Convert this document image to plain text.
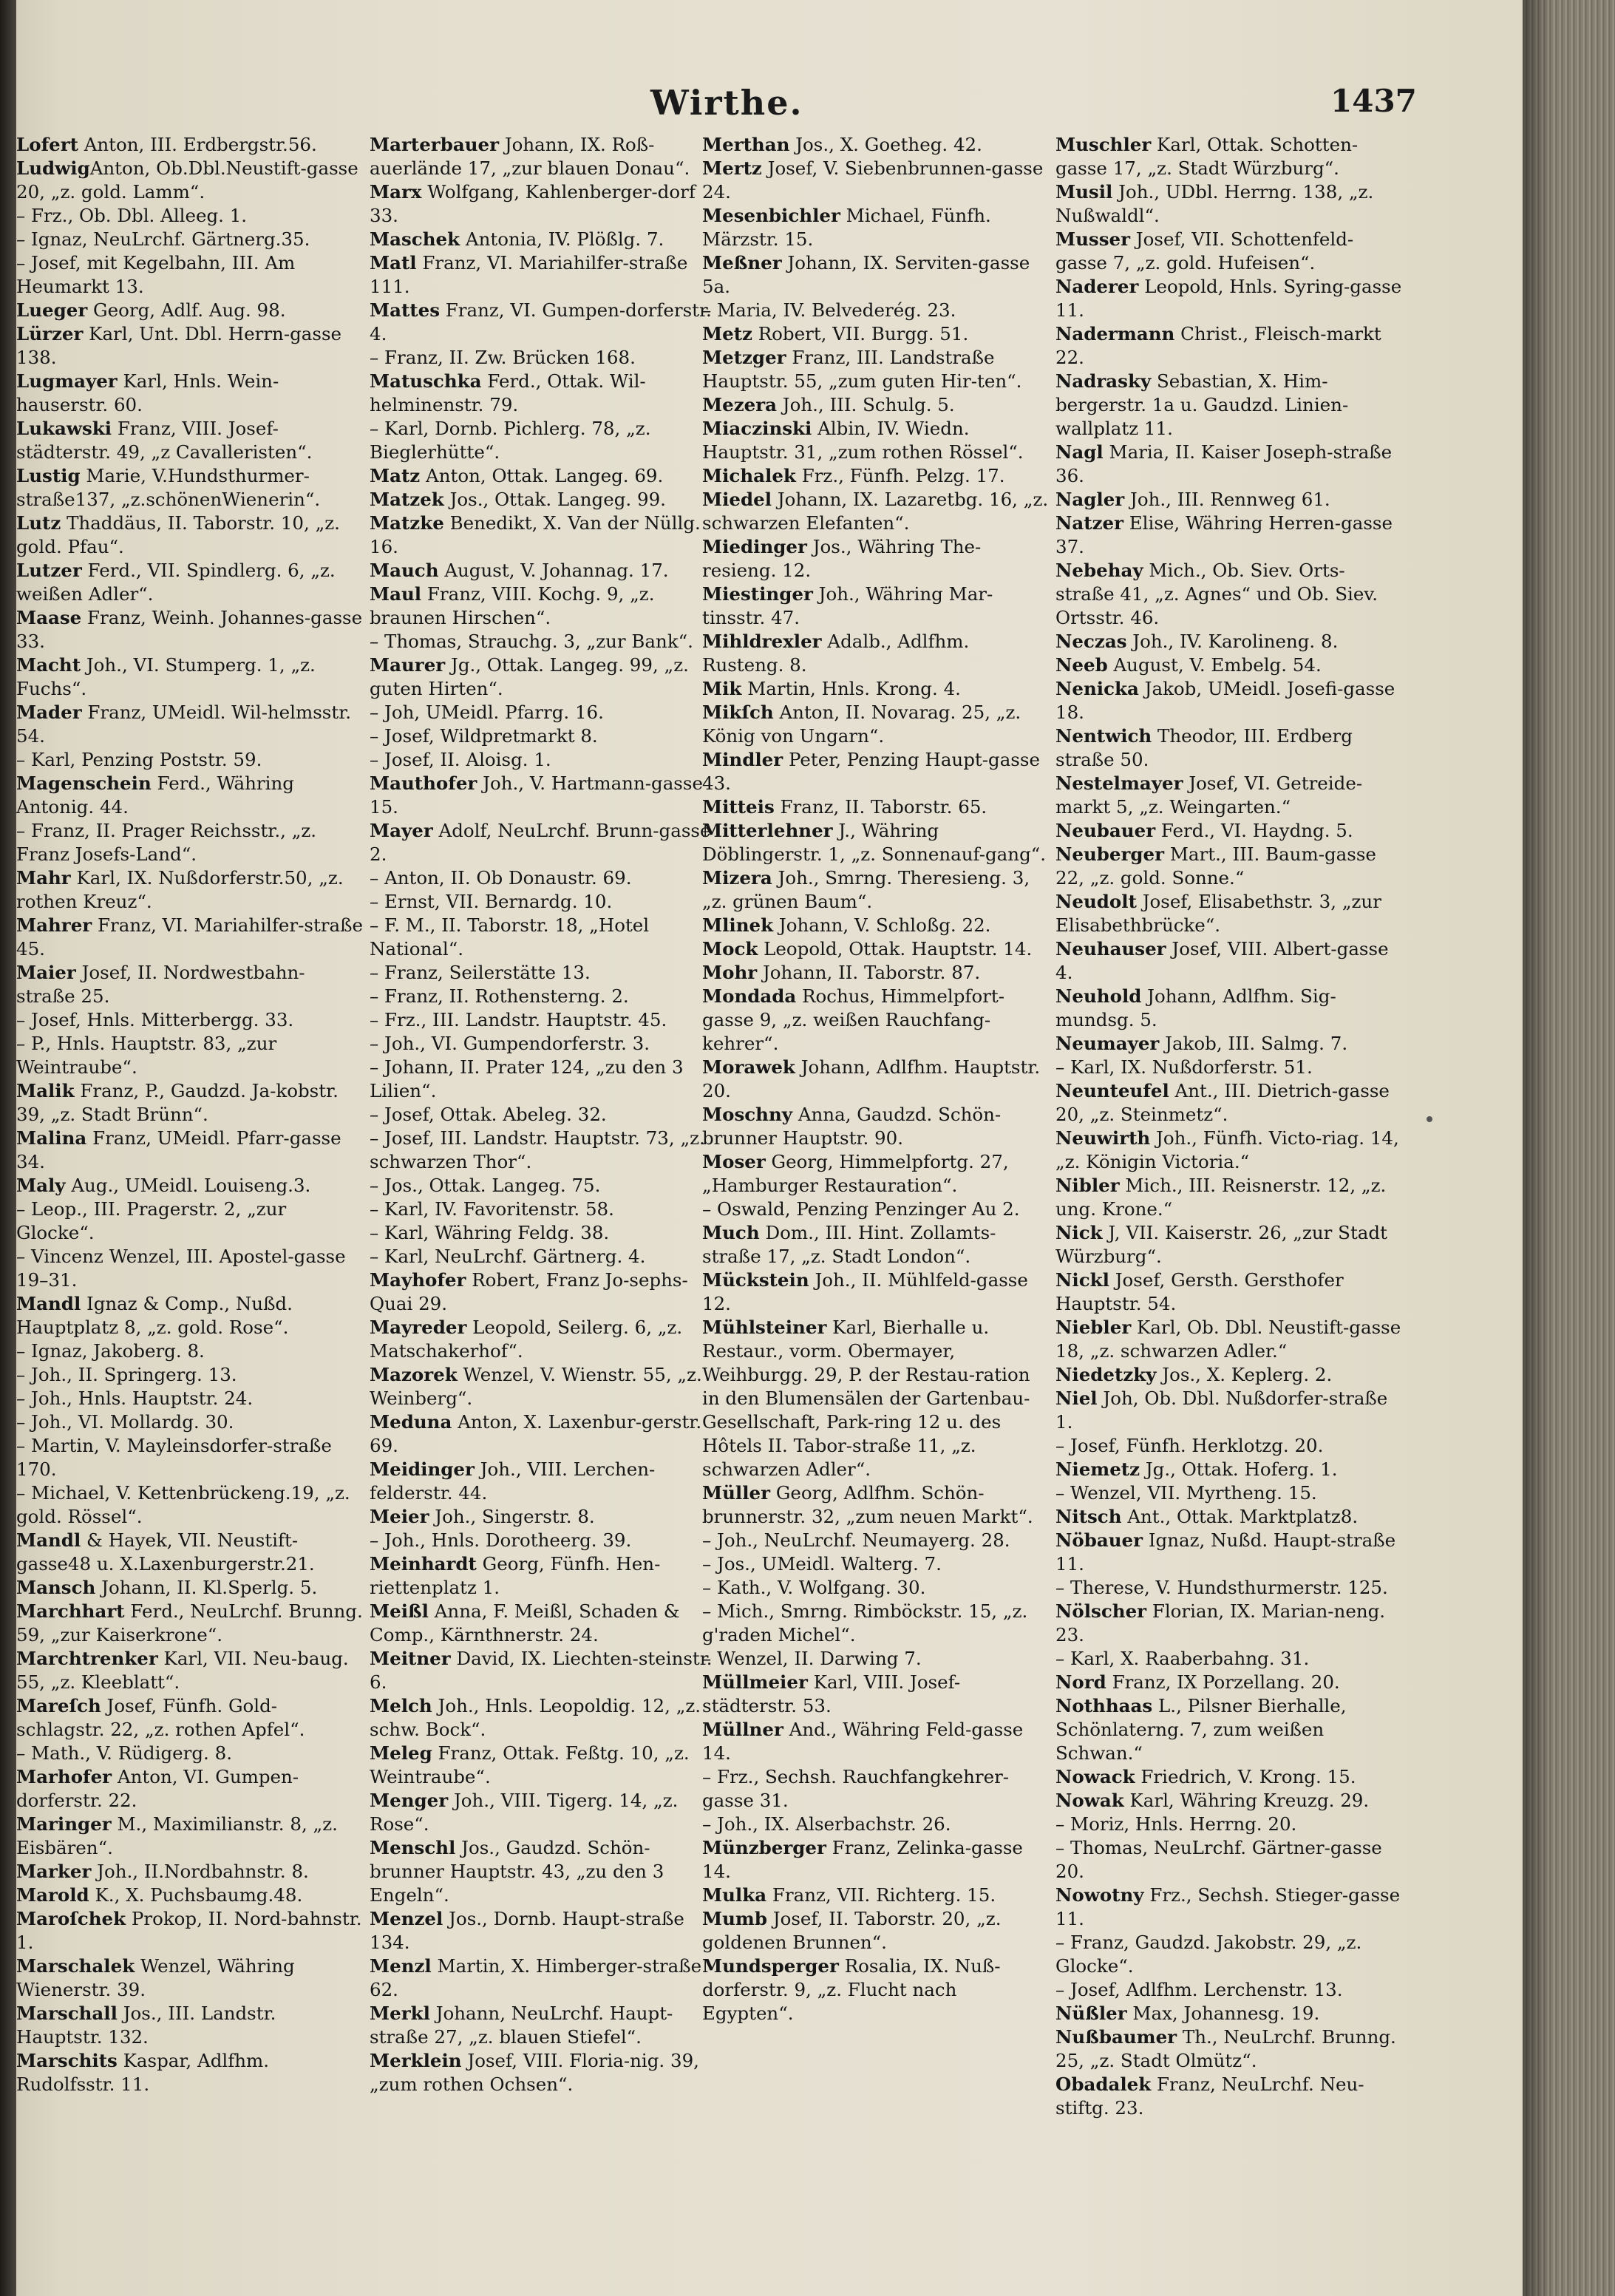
Wirthe.	1437

Lofert Anton, III. Erdbergstr.56.

LudwigAnton, Ob.Dbl.Neustift-gasse 20, „z. gold. Lamm“.

– Frz., Ob. Dbl. Alleeg. 1.

– Ignaz, NeuLrchf. Gärtnerg.35.

– Josef, mit Kegelbahn, III. Am Heumarkt 13.

Lueger Georg, Adlf. Aug. 98.

Lürzer Karl, Unt. Dbl. Herrn-gasse 138.

Lugmayer Karl, Hnls. Wein-hauserstr. 60.

Lukawski Franz, VIII. Josef-städterstr. 49, „z Cavalleristen“.

Lustig Marie, V.Hundsthurmer-straße137, „z.schönenWienerin“.

Lutz Thaddäus, II. Taborstr. 10, „z. gold. Pfau“.

Lutzer Ferd., VII. Spindlerg. 6, „z. weißen Adler“.

Maase Franz, Weinh. Johannes-gasse 33.

Macht Joh., VI. Stumperg. 1, „z. Fuchs“.

Mader Franz, UMeidl. Wil-helmsstr. 54.

– Karl, Penzing Poststr. 59.

Magenschein Ferd., Währing Antonig. 44.

– Franz, II. Prager Reichsstr., „z. Franz Josefs-Land“.

Mahr Karl, IX. Nußdorferstr.50, „z. rothen Kreuz“.

Mahrer Franz, VI. Mariahilfer-straße 45.

Maier Josef, II. Nordwestbahn-straße 25.

– Josef, Hnls. Mitterbergg. 33.

– P., Hnls. Hauptstr. 83, „zur Weintraube“.

Malik Franz, P., Gaudzd. Ja-kobstr. 39, „z. Stadt Brünn“.

Malina Franz, UMeidl. Pfarr-gasse 34.

Maly Aug., UMeidl. Louiseng.3.

– Leop., III. Pragerstr. 2, „zur Glocke“.

– Vincenz Wenzel, III. Apostel-gasse 19–31.

Mandl Ignaz & Comp., Nußd. Hauptplatz 8, „z. gold. Rose“.

– Ignaz, Jakoberg. 8.

– Joh., II. Springerg. 13.

– Joh., Hnls. Hauptstr. 24.

– Joh., VI. Mollardg. 30.

– Martin, V. Mayleinsdorfer-straße 170.

– Michael, V. Kettenbrückeng.19, „z. gold. Rössel“.

Mandl & Hayek, VII. Neustift-gasse48 u. X.Laxenburgerstr.21.

Mansch Johann, II. Kl.Sperlg. 5.

Marchhart Ferd., NeuLrchf. Brunng. 59, „zur Kaiserkrone“.

Marchtrenker Karl, VII. Neu-baug. 55, „z. Kleeblatt“.

Mareſch Josef, Fünfh. Gold-schlagstr. 22, „z. rothen Apfel“.

– Math., V. Rüdigerg. 8.

Marhofer Anton, VI. Gumpen-dorferstr. 22.

Maringer M., Maximilianstr. 8, „z. Eisbären“.

Marker Joh., II.Nordbahnstr. 8.

Marold K., X. Puchsbaumg.48.

Maroſchek Prokop, II. Nord-bahnstr. 1.

Marschalek Wenzel, Währing Wienerstr. 39.

Marschall Jos., III. Landstr. Hauptstr. 132.

Marschits Kaspar, Adlfhm. Rudolfsstr. 11.

Marterbauer Johann, IX. Roß-auerlände 17, „zur blauen Donau“.

Marx Wolfgang, Kahlenberger-dorf 33.

Maschek Antonia, IV. Plößlg. 7.

Matl Franz, VI. Mariahilfer-straße 111.

Mattes Franz, VI. Gumpen-dorferstr. 4.

– Franz, II. Zw. Brücken 168.

Matuschka Ferd., Ottak. Wil-helminenstr. 79.

– Karl, Dornb. Pichlerg. 78, „z. Bieglerhütte“.

Matz Anton, Ottak. Langeg. 69.

Matzek Jos., Ottak. Langeg. 99.

Matzke Benedikt, X. Van der Nüllg. 16.

Mauch August, V. Johannag. 17.

Maul Franz, VIII. Kochg. 9, „z. braunen Hirschen“.

– Thomas, Strauchg. 3, „zur Bank“.

Maurer Jg., Ottak. Langeg. 99, „z. guten Hirten“.

– Joh, UMeidl. Pfarrg. 16.

– Josef, Wildpretmarkt 8.

– Josef, II. Aloisg. 1.

Mauthofer Joh., V. Hartmann-gasse 15.

Mayer Adolf, NeuLrchf. Brunn-gasse 2.

– Anton, II. Ob Donaustr. 69.

– Ernst, VII. Bernardg. 10.

– F. M., II. Taborstr. 18, „Hotel National“.

– Franz, Seilerstätte 13.

– Franz, II. Rothensterng. 2.

– Frz., III. Landstr. Hauptstr. 45.

– Joh., VI. Gumpendorferstr. 3.

– Johann, II. Prater 124, „zu den 3 Lilien“.

– Josef, Ottak. Abeleg. 32.

– Josef, III. Landstr. Hauptstr. 73, „z. schwarzen Thor“.

– Jos., Ottak. Langeg. 75.

– Karl, IV. Favoritenstr. 58.

– Karl, Währing Feldg. 38.

– Karl, NeuLrchf. Gärtnerg. 4.

Mayhofer Robert, Franz Jo-sephs-Quai 29.

Mayreder Leopold, Seilerg. 6, „z. Matschakerhof“.

Mazorek Wenzel, V. Wienstr. 55, „z. Weinberg“.

Meduna Anton, X. Laxenbur-gerstr. 69.

Meidinger Joh., VIII. Lerchen-felderstr. 44.

Meier Joh., Singerstr. 8.

– Joh., Hnls. Dorotheerg. 39.

Meinhardt Georg, Fünfh. Hen-riettenplatz 1.

Meißl Anna, F. Meißl, Schaden & Comp., Kärnthnerstr. 24.

Meitner David, IX. Liechten-steinstr. 6.

Melch Joh., Hnls. Leopoldig. 12, „z. schw. Bock“.

Meleg Franz, Ottak. Feßtg. 10, „z. Weintraube“.

Menger Joh., VIII. Tigerg. 14, „z. Rose“.

Menschl Jos., Gaudzd. Schön-brunner Hauptstr. 43, „zu den 3 Engeln“.

Menzel Jos., Dornb. Haupt-straße 134.

Menzl Martin, X. Himberger-straße 62.

Merkl Johann, NeuLrchf. Haupt-straße 27, „z. blauen Stiefel“.

Merklein Josef, VIII. Floria-nig. 39, „zum rothen Ochsen“.

Merthan Jos., X. Goetheg. 42.

Mertz Josef, V. Siebenbrunnen-gasse 24.

Mesenbichler Michael, Fünfh. Märzstr. 15.

Meßner Johann, IX. Serviten-gasse 5a.

– Maria, IV. Belvederég. 23.

Metz Robert, VII. Burgg. 51.

Metzger Franz, III. Landstraße Hauptstr. 55, „zum guten Hir-ten“.

Mezera Joh., III. Schulg. 5.

Miaczinski Albin, IV. Wiedn. Hauptstr. 31, „zum rothen Rössel“.

Michalek Frz., Fünfh. Pelzg. 17.

Miedel Johann, IX. Lazaretbg. 16, „z. schwarzen Elefanten“.

Miedinger Jos., Währing The-resieng. 12.

Miestinger Joh., Währing Mar-tinsstr. 47.

Mihldrexler Adalb., Adlfhm. Rusteng. 8.

Mik Martin, Hnls. Krong. 4.

Mikſch Anton, II. Novarag. 25, „z. König von Ungarn“.

Mindler Peter, Penzing Haupt-gasse 43.

Mitteis Franz, II. Taborstr. 65.

Mitterlehner J., Währing Döblingerstr. 1, „z. Sonnenauf-gang“.

Mizera Joh., Smrng. Theresieng. 3, „z. grünen Baum“.

Mlinek Johann, V. Schloßg. 22.

Mock Leopold, Ottak. Hauptstr. 14.

Mohr Johann, II. Taborstr. 87.

Mondada Rochus, Himmelpfort-gasse 9, „z. weißen Rauchfang-kehrer“.

Morawek Johann, Adlfhm. Hauptstr. 20.

Moschny Anna, Gaudzd. Schön-brunner Hauptstr. 90.

Moser Georg, Himmelpfortg. 27, „Hamburger Restauration“.

– Oswald, Penzing Penzinger Au 2.

Much Dom., III. Hint. Zollamts-straße 17, „z. Stadt London“.

Mückstein Joh., II. Mühlfeld-gasse 12.

Mühlsteiner Karl, Bierhalle u. Restaur., vorm. Obermayer, Weihburgg. 29, P. der Restau-ration in den Blumensälen der Gartenbau-Gesellschaft, Park-ring 12 u. des Hôtels II. Tabor-straße 11, „z. schwarzen Adler“.

Müller Georg, Adlfhm. Schön-brunnerstr. 32, „zum neuen Markt“.

– Joh., NeuLrchf. Neumayerg. 28.

– Jos., UMeidl. Walterg. 7.

– Kath., V. Wolfgang. 30.

– Mich., Smrng. Rimböckstr. 15, „z. g'raden Michel“.

– Wenzel, II. Darwing 7.

Müllmeier Karl, VIII. Josef-städterstr. 53.

Müllner And., Währing Feld-gasse 14.

– Frz., Sechsh. Rauchfangkehrer-gasse 31.

– Joh., IX. Alserbachstr. 26.

Münzberger Franz, Zelinka-gasse 14.

Mulka Franz, VII. Richterg. 15.

Mumb Josef, II. Taborstr. 20, „z. goldenen Brunnen“.

Mundsperger Rosalia, IX. Nuß-dorferstr. 9, „z. Flucht nach Egypten“.

Muschler Karl, Ottak. Schotten-gasse 17, „z. Stadt Würzburg“.

Musil Joh., UDbl. Herrng. 138, „z. Nußwaldl“.

Musser Josef, VII. Schottenfeld-gasse 7, „z. gold. Hufeisen“.

Naderer Leopold, Hnls. Syring-gasse 11.

Nadermann Christ., Fleisch-markt 22.

Nadrasky Sebastian, X. Him-bergerstr. 1a u. Gaudzd. Linien-wallplatz 11.

Nagl Maria, II. Kaiser Joseph-straße 36.

Nagler Joh., III. Rennweg 61.

Natzer Elise, Währing Herren-gasse 37.

Nebehay Mich., Ob. Siev. Orts-straße 41, „z. Agnes“ und Ob. Siev. Ortsstr. 46.

Neczas Joh., IV. Karolineng. 8.

Neeb August, V. Embelg. 54.

Nenicka Jakob, UMeidl. Josefi-gasse 18.

Nentwich Theodor, III. Erdberg straße 50.

Nestelmayer Josef, VI. Getreide-markt 5, „z. Weingarten.“

Neubauer Ferd., VI. Haydng. 5.

Neuberger Mart., III. Baum-gasse 22, „z. gold. Sonne.“

Neudolt Josef, Elisabethstr. 3, „zur Elisabethbrücke“.

Neuhauser Josef, VIII. Albert-gasse 4.

Neuhold Johann, Adlfhm. Sig-mundsg. 5.

Neumayer Jakob, III. Salmg. 7.

– Karl, IX. Nußdorferstr. 51.

Neunteufel Ant., III. Dietrich-gasse 20, „z. Steinmetz“.

Neuwirth Joh., Fünfh. Victo-riag. 14, „z. Königin Victoria.“

Nibler Mich., III. Reisnerstr. 12, „z. ung. Krone.“

Nick J, VII. Kaiserstr. 26, „zur Stadt Würzburg“.

Nickl Josef, Gersth. Gersthofer Hauptstr. 54.

Niebler Karl, Ob. Dbl. Neustift-gasse 18, „z. schwarzen Adler.“

Niedetzky Jos., X. Keplerg. 2.

Niel Joh, Ob. Dbl. Nußdorfer-straße 1.

– Josef, Fünfh. Herklotzg. 20.

Niemetz Jg., Ottak. Hoferg. 1.

– Wenzel, VII. Myrtheng. 15.

Nitsch Ant., Ottak. Marktplatz8.

Nöbauer Ignaz, Nußd. Haupt-straße 11.

– Therese, V. Hundsthurmerstr. 125.

Nölscher Florian, IX. Marian-neng. 23.

– Karl, X. Raaberbahng. 31.

Nord Franz, IX Porzellang. 20.

Nothhaas L., Pilsner Bierhalle, Schönlaterng. 7, zum weißen Schwan.“

Nowack Friedrich, V. Krong. 15.

Nowak Karl, Währing Kreuzg. 29.

– Moriz, Hnls. Herrng. 20.

– Thomas, NeuLrchf. Gärtner-gasse 20.

Nowotny Frz., Sechsh. Stieger-gasse 11.

– Franz, Gaudzd. Jakobstr. 29, „z. Glocke“.

– Josef, Adlfhm. Lerchenstr. 13.

Nüßler Max, Johannesg. 19.

Nußbaumer Th., NeuLrchf. Brunng. 25, „z. Stadt Olmütz“.

Obadalek Franz, NeuLrchf. Neu-stiftg. 23.
